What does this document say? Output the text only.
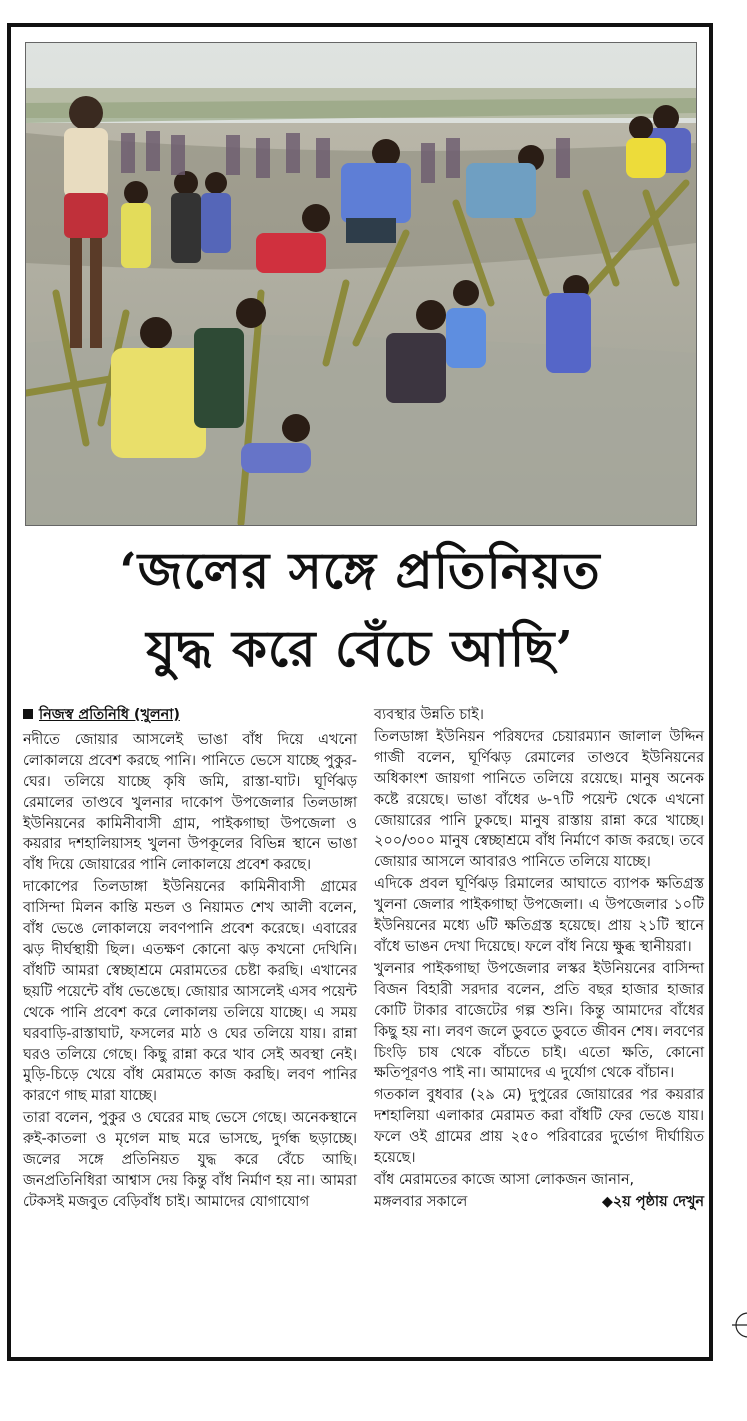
‘জলের সঙ্গে প্রতিনিয়ত
যুদ্ধ করে বেঁচে আছি’

নিজস্ব প্রতিনিধি (খুলনা)

নদীতে জোয়ার আসলেই ভাঙা বাঁধ দিয়ে এখনো লোকালয়ে প্রবেশ করছে পানি। পানিতে ভেসে যাচ্ছে পুকুর-ঘের। তলিয়ে যাচ্ছে কৃষি জমি, রাস্তা-ঘাট। ঘূর্ণিঝড় রেমালের তাণ্ডবে খুলনার দাকোপ উপজেলার তিলডাঙ্গা ইউনিয়নের কামিনীবাসী গ্রাম, পাইকগাছা উপজেলা ও কয়রার দশহালিয়াসহ খুলনা উপকূলের বিভিন্ন স্থানে ভাঙা বাঁধ দিয়ে জোয়ারের পানি লোকালয়ে প্রবেশ করছে।

দাকোপের তিলডাঙ্গা ইউনিয়নের কামিনীবাসী গ্রামের বাসিন্দা মিলন কান্তি মন্ডল ও নিয়ামত শেখ আলী বলেন, বাঁধ ভেঙে লোকালয়ে লবণপানি প্রবেশ করেছে। এবারের ঝড় দীর্ঘস্থায়ী ছিল। এতক্ষণ কোনো ঝড় কখনো দেখিনি। বাঁধটি আমরা স্বেচ্ছাশ্রমে মেরামতের চেষ্টা করছি। এখানের ছয়টি পয়েন্টে বাঁধ ভেঙেছে। জোয়ার আসলেই এসব পয়েন্ট থেকে পানি প্রবেশ করে লোকালয় তলিয়ে যাচ্ছে। এ সময় ঘরবাড়ি-রাস্তাঘাট, ফসলের মাঠ ও ঘের তলিয়ে যায়। রান্না ঘরও তলিয়ে গেছে। কিছু রান্না করে খাব সেই অবস্থা নেই। মুড়ি-চিড়ে খেয়ে বাঁধ মেরামতে কাজ করছি। লবণ পানির কারণে গাছ মারা যাচ্ছে।

তারা বলেন, পুকুর ও ঘেরের মাছ ভেসে গেছে। অনেকস্থানে রুই-কাতলা ও মৃগেল মাছ মরে ভাসছে, দুর্গন্ধ ছড়াচ্ছে। জলের সঙ্গে প্রতিনিয়ত যুদ্ধ করে বেঁচে আছি। জনপ্রতিনিধিরা আশ্বাস দেয় কিন্তু বাঁধ নির্মাণ হয় না। আমরা টেকসই মজবুত বেড়িবাঁধ চাই। আমাদের যোগাযোগ

ব্যবস্থার উন্নতি চাই।

তিলডাঙ্গা ইউনিয়ন পরিষদের চেয়ারম্যান জালাল উদ্দিন গাজী বলেন, ঘূর্ণিঝড় রেমালের তাণ্ডবে ইউনিয়নের অধিকাংশ জায়গা পানিতে তলিয়ে রয়েছে। মানুষ অনেক কষ্টে রয়েছে। ভাঙা বাঁধের ৬-৭টি পয়েন্ট থেকে এখনো জোয়ারের পানি ঢুকছে। মানুষ রাস্তায় রান্না করে খাচ্ছে। ২০০/৩০০ মানুষ স্বেচ্ছাশ্রমে বাঁধ নির্মাণে কাজ করছে। তবে জোয়ার আসলে আবারও পানিতে তলিয়ে যাচ্ছে।

এদিকে প্রবল ঘূর্ণিঝড় রিমালের আঘাতে ব্যাপক ক্ষতিগ্রস্ত খুলনা জেলার পাইকগাছা উপজেলা। এ উপজেলার ১০টি ইউনিয়নের মধ্যে ৬টি ক্ষতিগ্রস্ত হয়েছে। প্রায় ২১টি স্থানে বাঁধে ভাঙন দেখা দিয়েছে। ফলে বাঁধ নিয়ে ক্ষুব্ধ স্থানীয়রা।

খুলনার পাইকগাছা উপজেলার লস্কর ইউনিয়নের বাসিন্দা বিজন বিহারী সরদার বলেন, প্রতি বছর হাজার হাজার কোটি টাকার বাজেটের গল্প শুনি। কিন্তু আমাদের বাঁধের কিছু হয় না। লবণ জলে ডুবতে ডুবতে জীবন শেষ। লবণের চিংড়ি চাষ থেকে বাঁচতে চাই। এতো ক্ষতি, কোনো ক্ষতিপূরণও পাই না। আমাদের এ দুর্যোগ থেকে বাঁচান।

গতকাল বুধবার (২৯ মে) দুপুরের জোয়ারের পর কয়রার দশহালিয়া এলাকার মেরামত করা বাঁধটি ফের ভেঙে যায়। ফলে ওই গ্রামের প্রায় ২৫০ পরিবারের দুর্ভোগ দীর্ঘায়িত হয়েছে।

বাঁধ মেরামতের কাজে আসা লোকজন জানান,

মঙ্গলবার সকালে	◆২য় পৃষ্ঠায় দেখুন
